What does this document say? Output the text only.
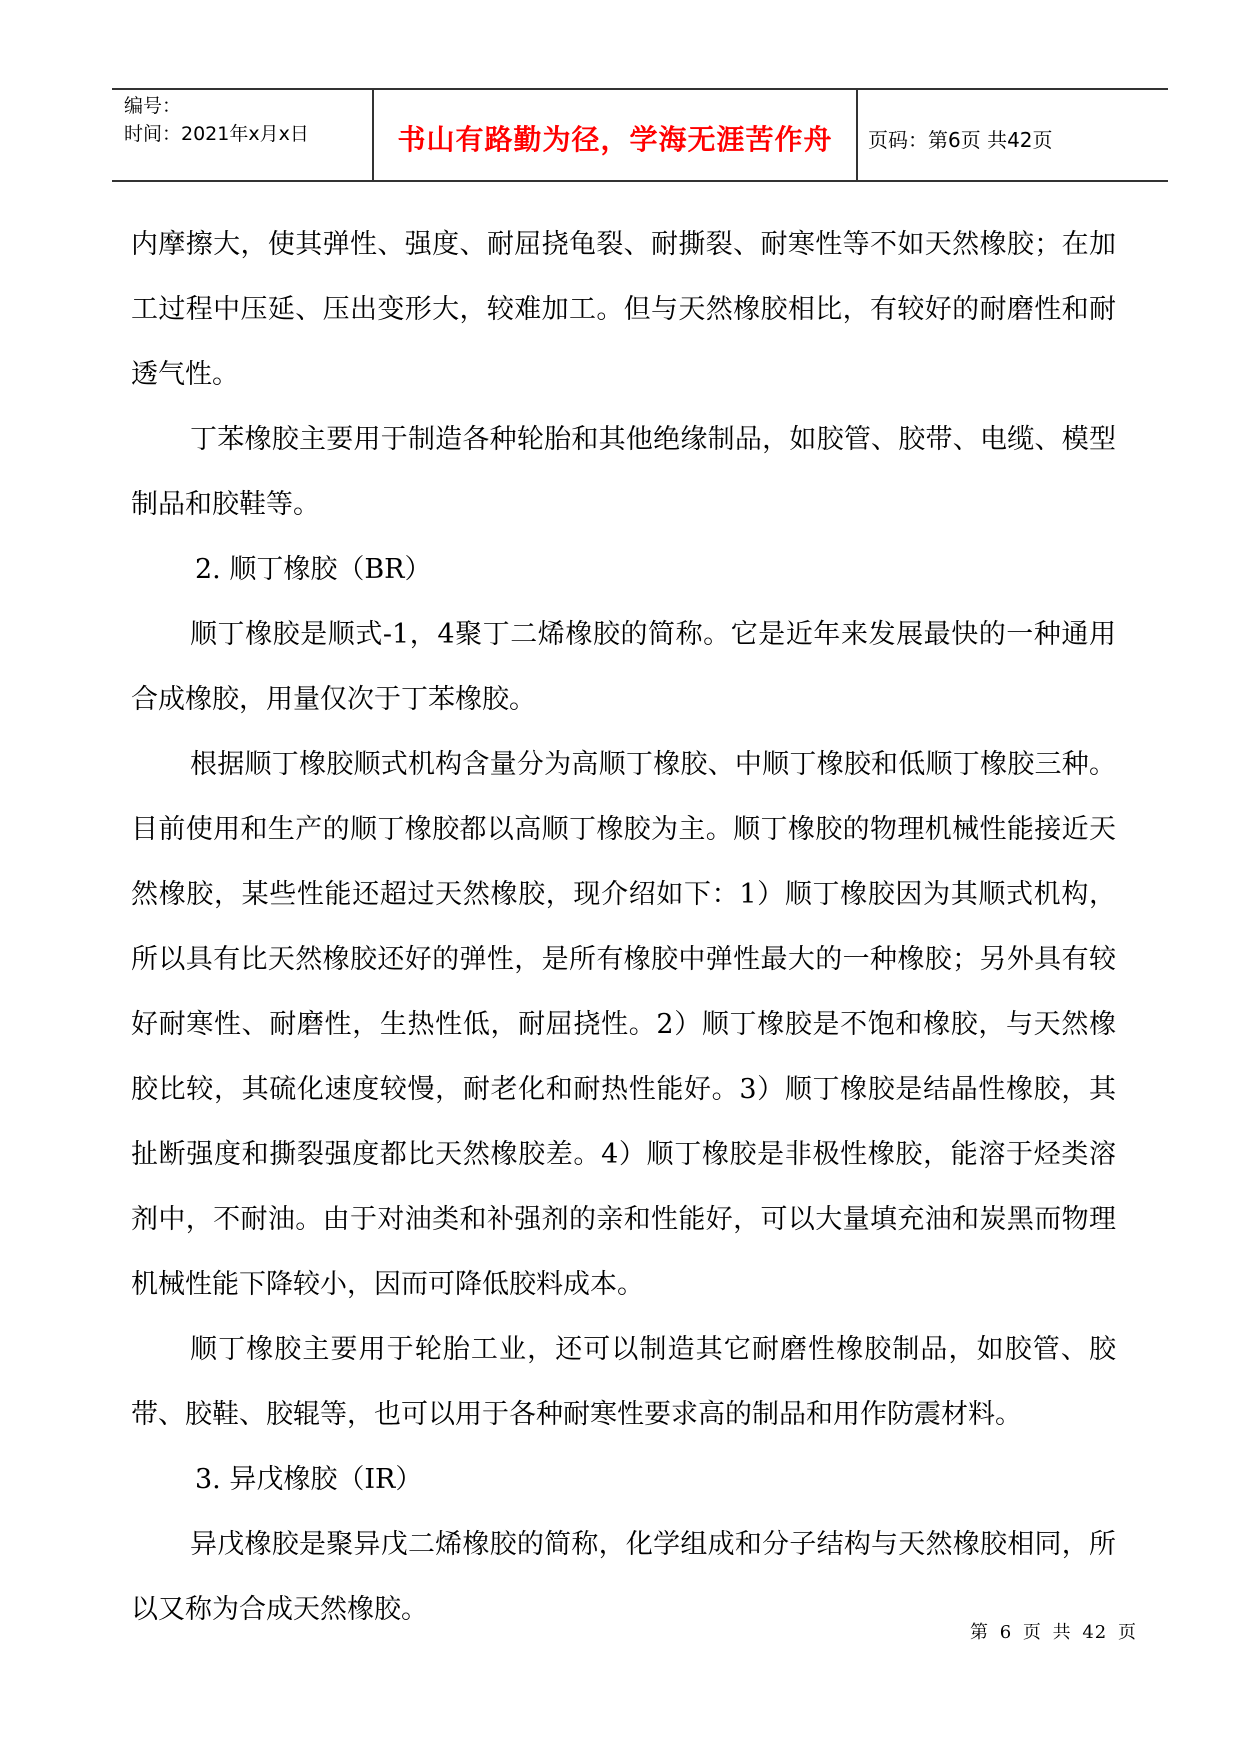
编号：
时间：2021年x月x日	书山有路勤为径，学海无涯苦作舟	页码：第6页 共42页

内摩擦大，使其弹性、强度、耐屈挠龟裂、耐撕裂、耐寒性等不如天然橡胶；在加工过程中压延、压出变形大，较难加工。但与天然橡胶相比，有较好的耐磨性和耐透气性。

丁苯橡胶主要用于制造各种轮胎和其他绝缘制品，如胶管、胶带、电缆、模型制品和胶鞋等。

2. 顺丁橡胶（BR）

顺丁橡胶是顺式-1，4聚丁二烯橡胶的简称。它是近年来发展最快的一种通用合成橡胶，用量仅次于丁苯橡胶。

根据顺丁橡胶顺式机构含量分为高顺丁橡胶、中顺丁橡胶和低顺丁橡胶三种。目前使用和生产的顺丁橡胶都以高顺丁橡胶为主。顺丁橡胶的物理机械性能接近天然橡胶，某些性能还超过天然橡胶，现介绍如下：1）顺丁橡胶因为其顺式机构，所以具有比天然橡胶还好的弹性，是所有橡胶中弹性最大的一种橡胶；另外具有较好耐寒性、耐磨性，生热性低，耐屈挠性。2）顺丁橡胶是不饱和橡胶，与天然橡胶比较，其硫化速度较慢，耐老化和耐热性能好。3）顺丁橡胶是结晶性橡胶，其扯断强度和撕裂强度都比天然橡胶差。4）顺丁橡胶是非极性橡胶，能溶于烃类溶剂中，不耐油。由于对油类和补强剂的亲和性能好，可以大量填充油和炭黑而物理机械性能下降较小，因而可降低胶料成本。

顺丁橡胶主要用于轮胎工业，还可以制造其它耐磨性橡胶制品，如胶管、胶带、胶鞋、胶辊等，也可以用于各种耐寒性要求高的制品和用作防震材料。

3. 异戊橡胶（IR）

异戊橡胶是聚异戊二烯橡胶的简称，化学组成和分子结构与天然橡胶相同，所以又称为合成天然橡胶。

第 6 页 共 42 页
